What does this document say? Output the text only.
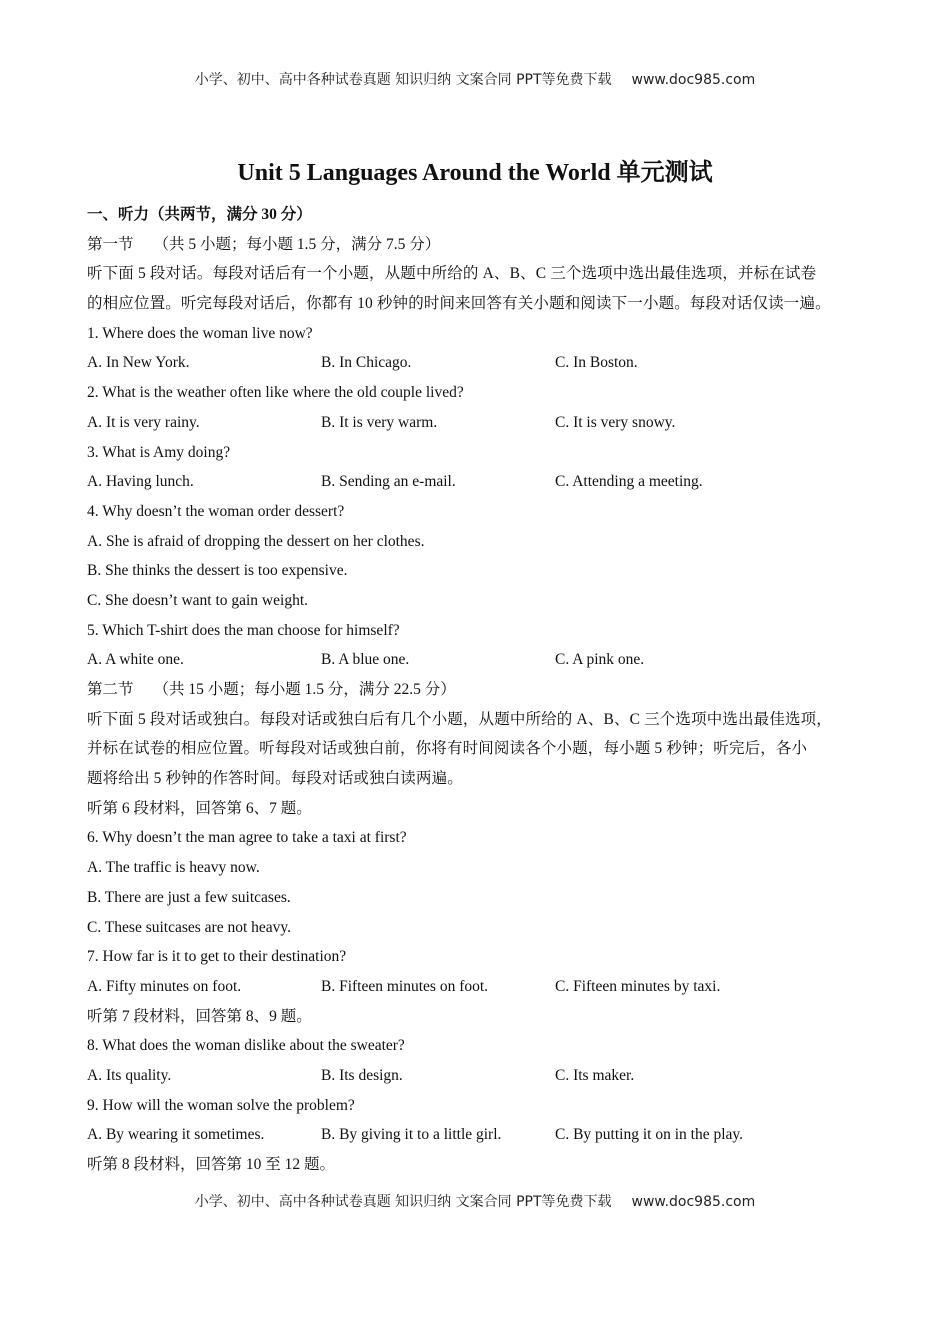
小学、初中、高中各种试卷真题 知识归纳 文案合同 PPT等免费下载 www.doc985.com
Unit 5 Languages Around the World 单元测试
一、听力（共两节，满分 30 分）
第一节 （共 5 小题；每小题 1.5 分，满分 7.5 分）
听下面 5 段对话。每段对话后有一个小题，从题中所给的 A、B、C 三个选项中选出最佳选项，并标在试卷
的相应位置。听完每段对话后，你都有 10 秒钟的时间来回答有关小题和阅读下一小题。每段对话仅读一遍。
1. Where does the woman live now?
A. In New York.	B. In Chicago.	C. In Boston.
2. What is the weather often like where the old couple lived?
A. It is very rainy.	B. It is very warm.	C. It is very snowy.
3. What is Amy doing?
A. Having lunch.	B. Sending an e-mail.	C. Attending a meeting.
4. Why doesn’t the woman order dessert?
A. She is afraid of dropping the dessert on her clothes.
B. She thinks the dessert is too expensive.
C. She doesn’t want to gain weight.
5. Which T-shirt does the man choose for himself?
A. A white one.	B. A blue one.	C. A pink one.
第二节 （共 15 小题；每小题 1.5 分，满分 22.5 分）
听下面 5 段对话或独白。每段对话或独白后有几个小题，从题中所给的 A、B、C 三个选项中选出最佳选项，
并标在试卷的相应位置。听每段对话或独白前，你将有时间阅读各个小题，每小题 5 秒钟；听完后，各小
题将给出 5 秒钟的作答时间。每段对话或独白读两遍。
听第 6 段材料，回答第 6、7 题。
6. Why doesn’t the man agree to take a taxi at first?
A. The traffic is heavy now.
B. There are just a few suitcases.
C. These suitcases are not heavy.
7. How far is it to get to their destination?
A. Fifty minutes on foot.	B. Fifteen minutes on foot.	C. Fifteen minutes by taxi.
听第 7 段材料，回答第 8、9 题。
8. What does the woman dislike about the sweater?
A. Its quality.	B. Its design.	C. Its maker.
9. How will the woman solve the problem?
A. By wearing it sometimes.	B. By giving it to a little girl.	C. By putting it on in the play.
听第 8 段材料，回答第 10 至 12 题。
小学、初中、高中各种试卷真题 知识归纳 文案合同 PPT等免费下载 www.doc985.com
